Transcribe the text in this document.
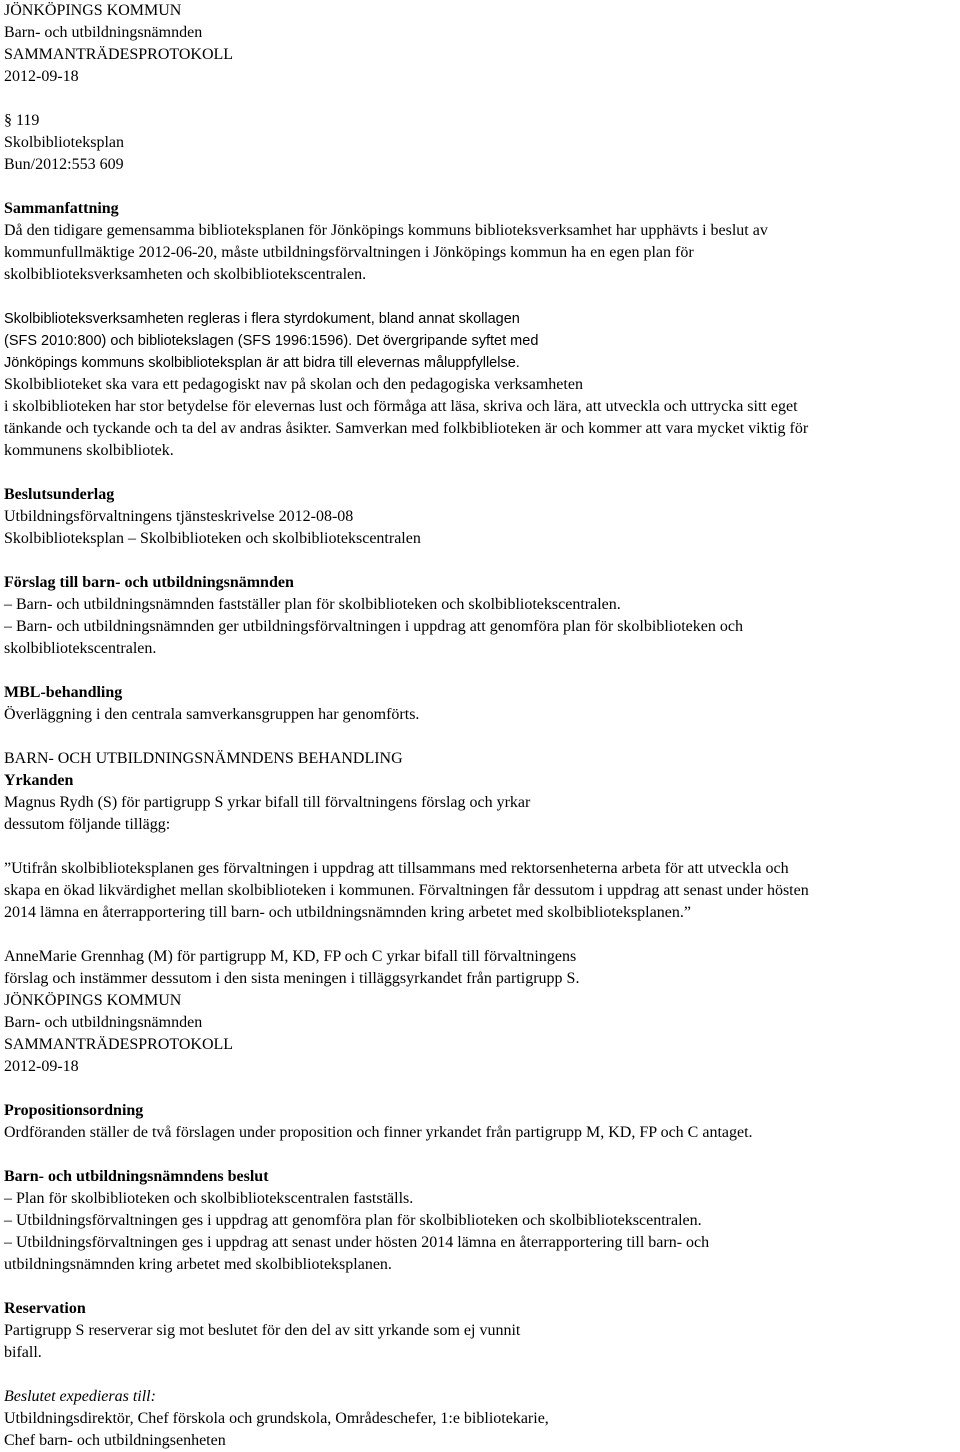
JÖNKÖPINGS KOMMUN
Barn- och utbildningsnämnden
SAMMANTRÄDESPROTOKOLL
2012-09-18
§ 119
Skolbiblioteksplan
Bun/2012:553 609
Sammanfattning
Då den tidigare gemensamma biblioteksplanen för Jönköpings kommuns biblioteksverksamhet har upphävts i beslut av
kommunfullmäktige 2012-06-20, måste utbildningsförvaltningen i Jönköpings kommun ha en egen plan för
skolbiblioteksverksamheten och skolbibliotekscentralen.
Skolbiblioteksverksamheten regleras i flera styrdokument, bland annat skollagen
(SFS 2010:800) och bibliotekslagen (SFS 1996:1596). Det övergripande syftet med
Jönköpings kommuns skolbiblioteksplan är att bidra till elevernas måluppfyllelse.
Skolbiblioteket ska vara ett pedagogiskt nav på skolan och den pedagogiska verksamheten
i skolbiblioteken har stor betydelse för elevernas lust och förmåga att läsa, skriva och lära, att utveckla och uttrycka sitt eget
tänkande och tyckande och ta del av andras åsikter. Samverkan med folkbiblioteken är och kommer att vara mycket viktig för
kommunens skolbibliotek.
Beslutsunderlag
Utbildningsförvaltningens tjänsteskrivelse 2012-08-08
Skolbiblioteksplan – Skolbiblioteken och skolbibliotekscentralen
Förslag till barn- och utbildningsnämnden
– Barn- och utbildningsnämnden fastställer plan för skolbiblioteken och skolbibliotekscentralen.
– Barn- och utbildningsnämnden ger utbildningsförvaltningen i uppdrag att genomföra plan för skolbiblioteken och
skolbibliotekscentralen.
MBL-behandling
Överläggning i den centrala samverkansgruppen har genomförts.
BARN- OCH UTBILDNINGSNÄMNDENS BEHANDLING
Yrkanden
Magnus Rydh (S) för partigrupp S yrkar bifall till förvaltningens förslag och yrkar
dessutom följande tillägg:
”Utifrån skolbiblioteksplanen ges förvaltningen i uppdrag att tillsammans med rektorsenheterna arbeta för att utveckla och
skapa en ökad likvärdighet mellan skolbiblioteken i kommunen. Förvaltningen får dessutom i uppdrag att senast under hösten
2014 lämna en återrapportering till barn- och utbildningsnämnden kring arbetet med skolbiblioteksplanen.”
AnneMarie Grennhag (M) för partigrupp M, KD, FP och C yrkar bifall till förvaltningens
förslag och instämmer dessutom i den sista meningen i tilläggsyrkandet från partigrupp S.
JÖNKÖPINGS KOMMUN
Barn- och utbildningsnämnden
SAMMANTRÄDESPROTOKOLL
2012-09-18
Propositionsordning
Ordföranden ställer de två förslagen under proposition och finner yrkandet från partigrupp M, KD, FP och C antaget.
Barn- och utbildningsnämndens beslut
– Plan för skolbiblioteken och skolbibliotekscentralen fastställs.
– Utbildningsförvaltningen ges i uppdrag att genomföra plan för skolbiblioteken och skolbibliotekscentralen.
– Utbildningsförvaltningen ges i uppdrag att senast under hösten 2014 lämna en återrapportering till barn- och
utbildningsnämnden kring arbetet med skolbiblioteksplanen.
Reservation
Partigrupp S reserverar sig mot beslutet för den del av sitt yrkande som ej vunnit
bifall.
Beslutet expedieras till:
Utbildningsdirektör, Chef förskola och grundskola, Områdeschefer, 1:e bibliotekarie,
Chef barn- och utbildningsenheten
